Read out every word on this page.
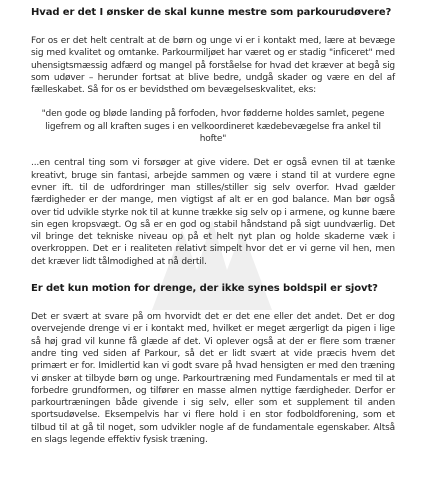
Hvad er det I ønsker de skal kunne mestre som parkourudøvere?

For os er det helt centralt at de børn og unge vi er i kontakt med, lære at bevæge sig med kvalitet og omtanke. Parkourmiljøet har været og er stadig "inficeret" med uhensigtsmæssig adfærd og mangel på forståelse for hvad det kræver at begå sig som udøver – herunder fortsat at blive bedre, undgå skader og være en del af fælleskabet. Så for os er bevidsthed om bevægelseskvalitet, eks:

"den gode og bløde landing på forfoden, hvor fødderne holdes samlet, pegene ligefrem og all kraften suges i en velkoordineret kædebevægelse fra ankel til hofte"

...en central ting som vi forsøger at give videre. Det er også evnen til at tænke kreativt, bruge sin fantasi, arbejde sammen og være i stand til at vurdere egne evner ift. til de udfordringer man stilles/stiller sig selv overfor. Hvad gælder færdigheder er der mange, men vigtigst af alt er en god balance. Man bør også over tid udvikle styrke nok til at kunne trække sig selv op i armene, og kunne bære sin egen kropsvægt. Og så er en god og stabil håndstand på sigt uundværlig. Det vil bringe det tekniske niveau op på et helt nyt plan og holde skaderne væk i overkroppen. Det er i realiteten relativt simpelt hvor det er vi gerne vil hen, men det kræver lidt tålmodighed at nå dertil.

Er det kun motion for drenge, der ikke synes boldspil er sjovt?

Det er svært at svare på om hvorvidt det er det ene eller det andet. Det er dog overvejende drenge vi er i kontakt med, hvilket er meget ærgerligt da pigen i lige så høj grad vil kunne få glæde af det. Vi oplever også at der er flere som træner andre ting ved siden af Parkour, så det er lidt svært at vide præcis hvem det primært er for. Imidlertid kan vi godt svare på hvad hensigten er med den træning vi ønsker at tilbyde børn og unge. Parkourtræning med Fundamentals er med til at forbedre grundformen, og tilfører en masse almen nyttige færdigheder. Derfor er parkourtræningen både givende i sig selv, eller som et supplement til anden sportsudøvelse. Eksempelvis har vi flere hold i en stor fodboldforening, som et tilbud til at gå til noget, som udvikler nogle af de fundamentale egenskaber. Altså en slags legende effektiv fysisk træning.
